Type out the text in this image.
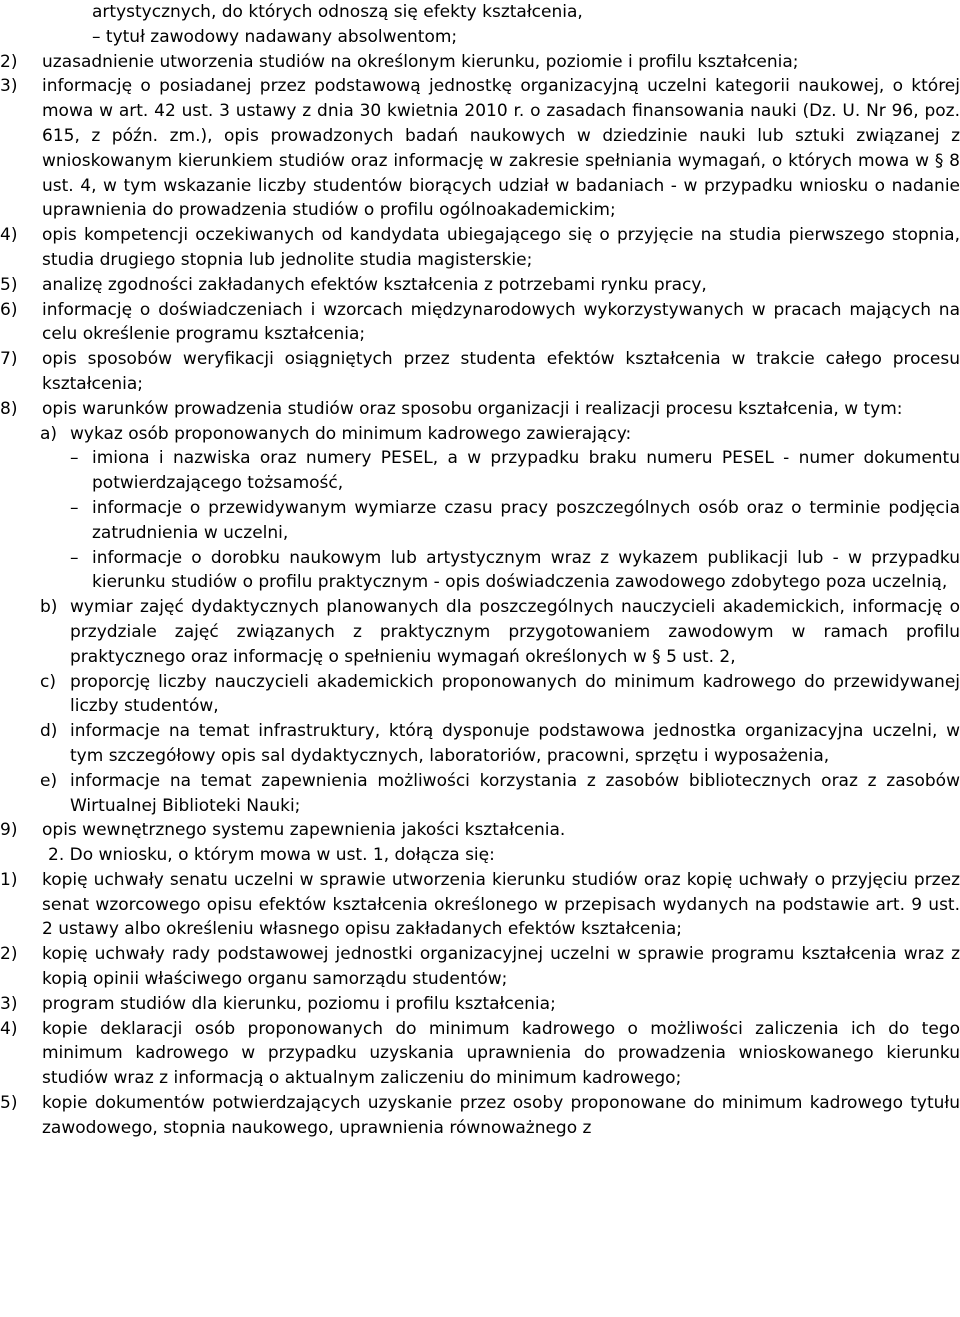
artystycznych, do których odnoszą się efekty kształcenia,
– tytuł zawodowy nadawany absolwentom;
2) uzasadnienie utworzenia studiów na określonym kierunku, poziomie i profilu kształcenia;
3) informację o posiadanej przez podstawową jednostkę organizacyjną uczelni kategorii naukowej, o której mowa w art. 42 ust. 3 ustawy z dnia 30 kwietnia 2010 r. o zasadach finansowania nauki (Dz. U. Nr 96, poz. 615, z późn. zm.), opis prowadzonych badań naukowych w dziedzinie nauki lub sztuki związanej z wnioskowanym kierunkiem studiów oraz informację w zakresie spełniania wymagań, o których mowa w § 8 ust. 4, w tym wskazanie liczby studentów biorących udział w badaniach - w przypadku wniosku o nadanie uprawnienia do prowadzenia studiów o profilu ogólnoakademickim;
4) opis kompetencji oczekiwanych od kandydata ubiegającego się o przyjęcie na studia pierwszego stopnia, studia drugiego stopnia lub jednolite studia magisterskie;
5) analizę zgodności zakładanych efektów kształcenia z potrzebami rynku pracy,
6) informację o doświadczeniach i wzorcach międzynarodowych wykorzystywanych w pracach mających na celu określenie programu kształcenia;
7) opis sposobów weryfikacji osiągniętych przez studenta efektów kształcenia w trakcie całego procesu kształcenia;
8) opis warunków prowadzenia studiów oraz sposobu organizacji i realizacji procesu kształcenia, w tym:
a) wykaz osób proponowanych do minimum kadrowego zawierający:
– imiona i nazwiska oraz numery PESEL, a w przypadku braku numeru PESEL - numer dokumentu potwierdzającego tożsamość,
– informacje o przewidywanym wymiarze czasu pracy poszczególnych osób oraz o terminie podjęcia zatrudnienia w uczelni,
– informacje o dorobku naukowym lub artystycznym wraz z wykazem publikacji lub - w przypadku kierunku studiów o profilu praktycznym - opis doświadczenia zawodowego zdobytego poza uczelnią,
b) wymiar zajęć dydaktycznych planowanych dla poszczególnych nauczycieli akademickich, informację o przydziale zajęć związanych z praktycznym przygotowaniem zawodowym w ramach profilu praktycznego oraz informację o spełnieniu wymagań określonych w § 5 ust. 2,
c) proporcję liczby nauczycieli akademickich proponowanych do minimum kadrowego do przewidywanej liczby studentów,
d) informacje na temat infrastruktury, którą dysponuje podstawowa jednostka organizacyjna uczelni, w tym szczegółowy opis sal dydaktycznych, laboratoriów, pracowni, sprzętu i wyposażenia,
e) informacje na temat zapewnienia możliwości korzystania z zasobów bibliotecznych oraz z zasobów Wirtualnej Biblioteki Nauki;
9) opis wewnętrznego systemu zapewnienia jakości kształcenia.
2. Do wniosku, o którym mowa w ust. 1, dołącza się:
1) kopię uchwały senatu uczelni w sprawie utworzenia kierunku studiów oraz kopię uchwały o przyjęciu przez senat wzorcowego opisu efektów kształcenia określonego w przepisach wydanych na podstawie art. 9 ust. 2 ustawy albo określeniu własnego opisu zakładanych efektów kształcenia;
2) kopię uchwały rady podstawowej jednostki organizacyjnej uczelni w sprawie programu kształcenia wraz z kopią opinii właściwego organu samorządu studentów;
3) program studiów dla kierunku, poziomu i profilu kształcenia;
4) kopie deklaracji osób proponowanych do minimum kadrowego o możliwości zaliczenia ich do tego minimum kadrowego w przypadku uzyskania uprawnienia do prowadzenia wnioskowanego kierunku studiów wraz z informacją o aktualnym zaliczeniu do minimum kadrowego;
5) kopie dokumentów potwierdzających uzyskanie przez osoby proponowane do minimum kadrowego tytułu zawodowego, stopnia naukowego, uprawnienia równoważnego z
